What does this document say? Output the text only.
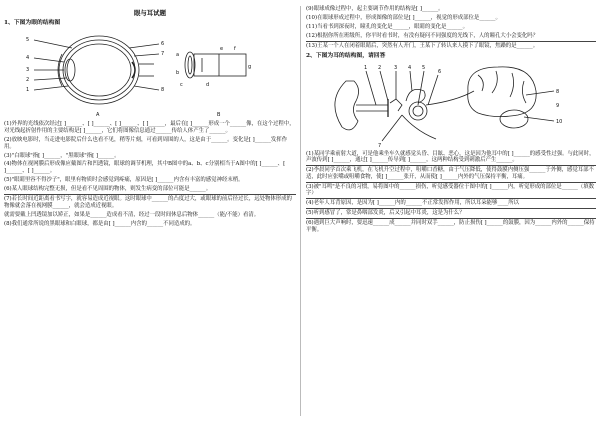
眼与耳试题
1、下图为眼的结构图
5
6
7
8
4
3
2
1
a
b
c	d
e f
g
A	B

(1)外界的光线依次经过[ ]______、[ ]______、[ ]______、[ ]______，最后在[ ]______形成一个______像，在这个过程中，对光线起折射作用的主要结构是[ ]______，它们将图像信息通过______传给人体产生了______。

(2)放映电影时，当走进电影院后什么也看不见，稍等片刻，可看到周围的人，这是由于______。变化是[ ]______发挥作用。

(3)"白眼球"指[ ]______，"黑眼球"指[ ]______。

(4)物体在视网膜后形成像应戴图片和凹透镜，眼球的调节机理，其中B图中的a、b、c分别相当于A图中的[ ]______、[ ]______、[ ]______。

(5)"眼睛里容不得沙子"，眼里有物质时会感觉到疼痛，原因是[ ]______内含有丰富的感觉神经末梢。

(6)某人眼球结构完整无损，但是看不见周围的物体，则发生病变的部位可能是______。

(7)若长时间近距离看书写字，就容易造成近视眼。这时眼球中______的凸度过大，或眼球的前后径过长，远处物体形成的物像就会落在视网膜______，就会造成近视眼。

就需要戴上凹透镜加以矫正，如果是______造成看不清，经过一段时间休息后物体______（能/不能）看清。

(8)我们通常所说的黑眼球和白眼球，都是由[ ]______内含的______不同造成的。

(9)眼球成像过程中，起主要调节作用的结构是[ ]______。

(10)在眼球形成过程中，形成图像的部位是[ ]______，视觉的形成部位是______。

(11)当看书到深夜时，瞳孔的变化是______，眼睛的变化是______。

(12)根据你所在班级所，你平时看书时，有没有疑问不同强度的光线下，人的瞳孔大小会变化吗？

(13)王某一个人在闭着眼睛后，突然有人开门，王某下了转认来人摸下了眼镜，焦躁的是______。

2、下图为耳的结构图，请回答
1 2	3 4 5
6
7
8
9
10

(1)某同学乘前射大道，可是他乘坐车久就感觉头昏、目眩、恶心，这是因为他耳中的[ ]______的感受性过强。与此同时，声波传到[ ]______，通过[ ]______传导到[ ]______，这两种结构受到刺激后产生______。

(2)李晨同学首次乘飞机，在飞机升空过程中，咀嚼口香糖，由于气压降低，使得鼓膜内侧压强______于外侧，感觉耳部不适，此时应张嘴或咀嚼食物，使[ ]______张开，从而使[ ]______内外的气压保持平衡，耳痛。

(3)被"耳鸣"是不良的习惯，易将图中的______损伤，听觉感受器位于图中的[ ]______内，听觉形成的部位是______（填数字）

(4)老年人耳背原因，是因为[ ]______内的______不正常发挥作用，所以耳朵能够____所以

(5)听到感冒了，常是鼻咽部发炎，后又引起中耳炎，这是为什么？

(6)遇到巨大声响时，要迅速______成______并同时双手______，防止损伤[ ]______的鼓膜，因为______内外的______保持平衡。
